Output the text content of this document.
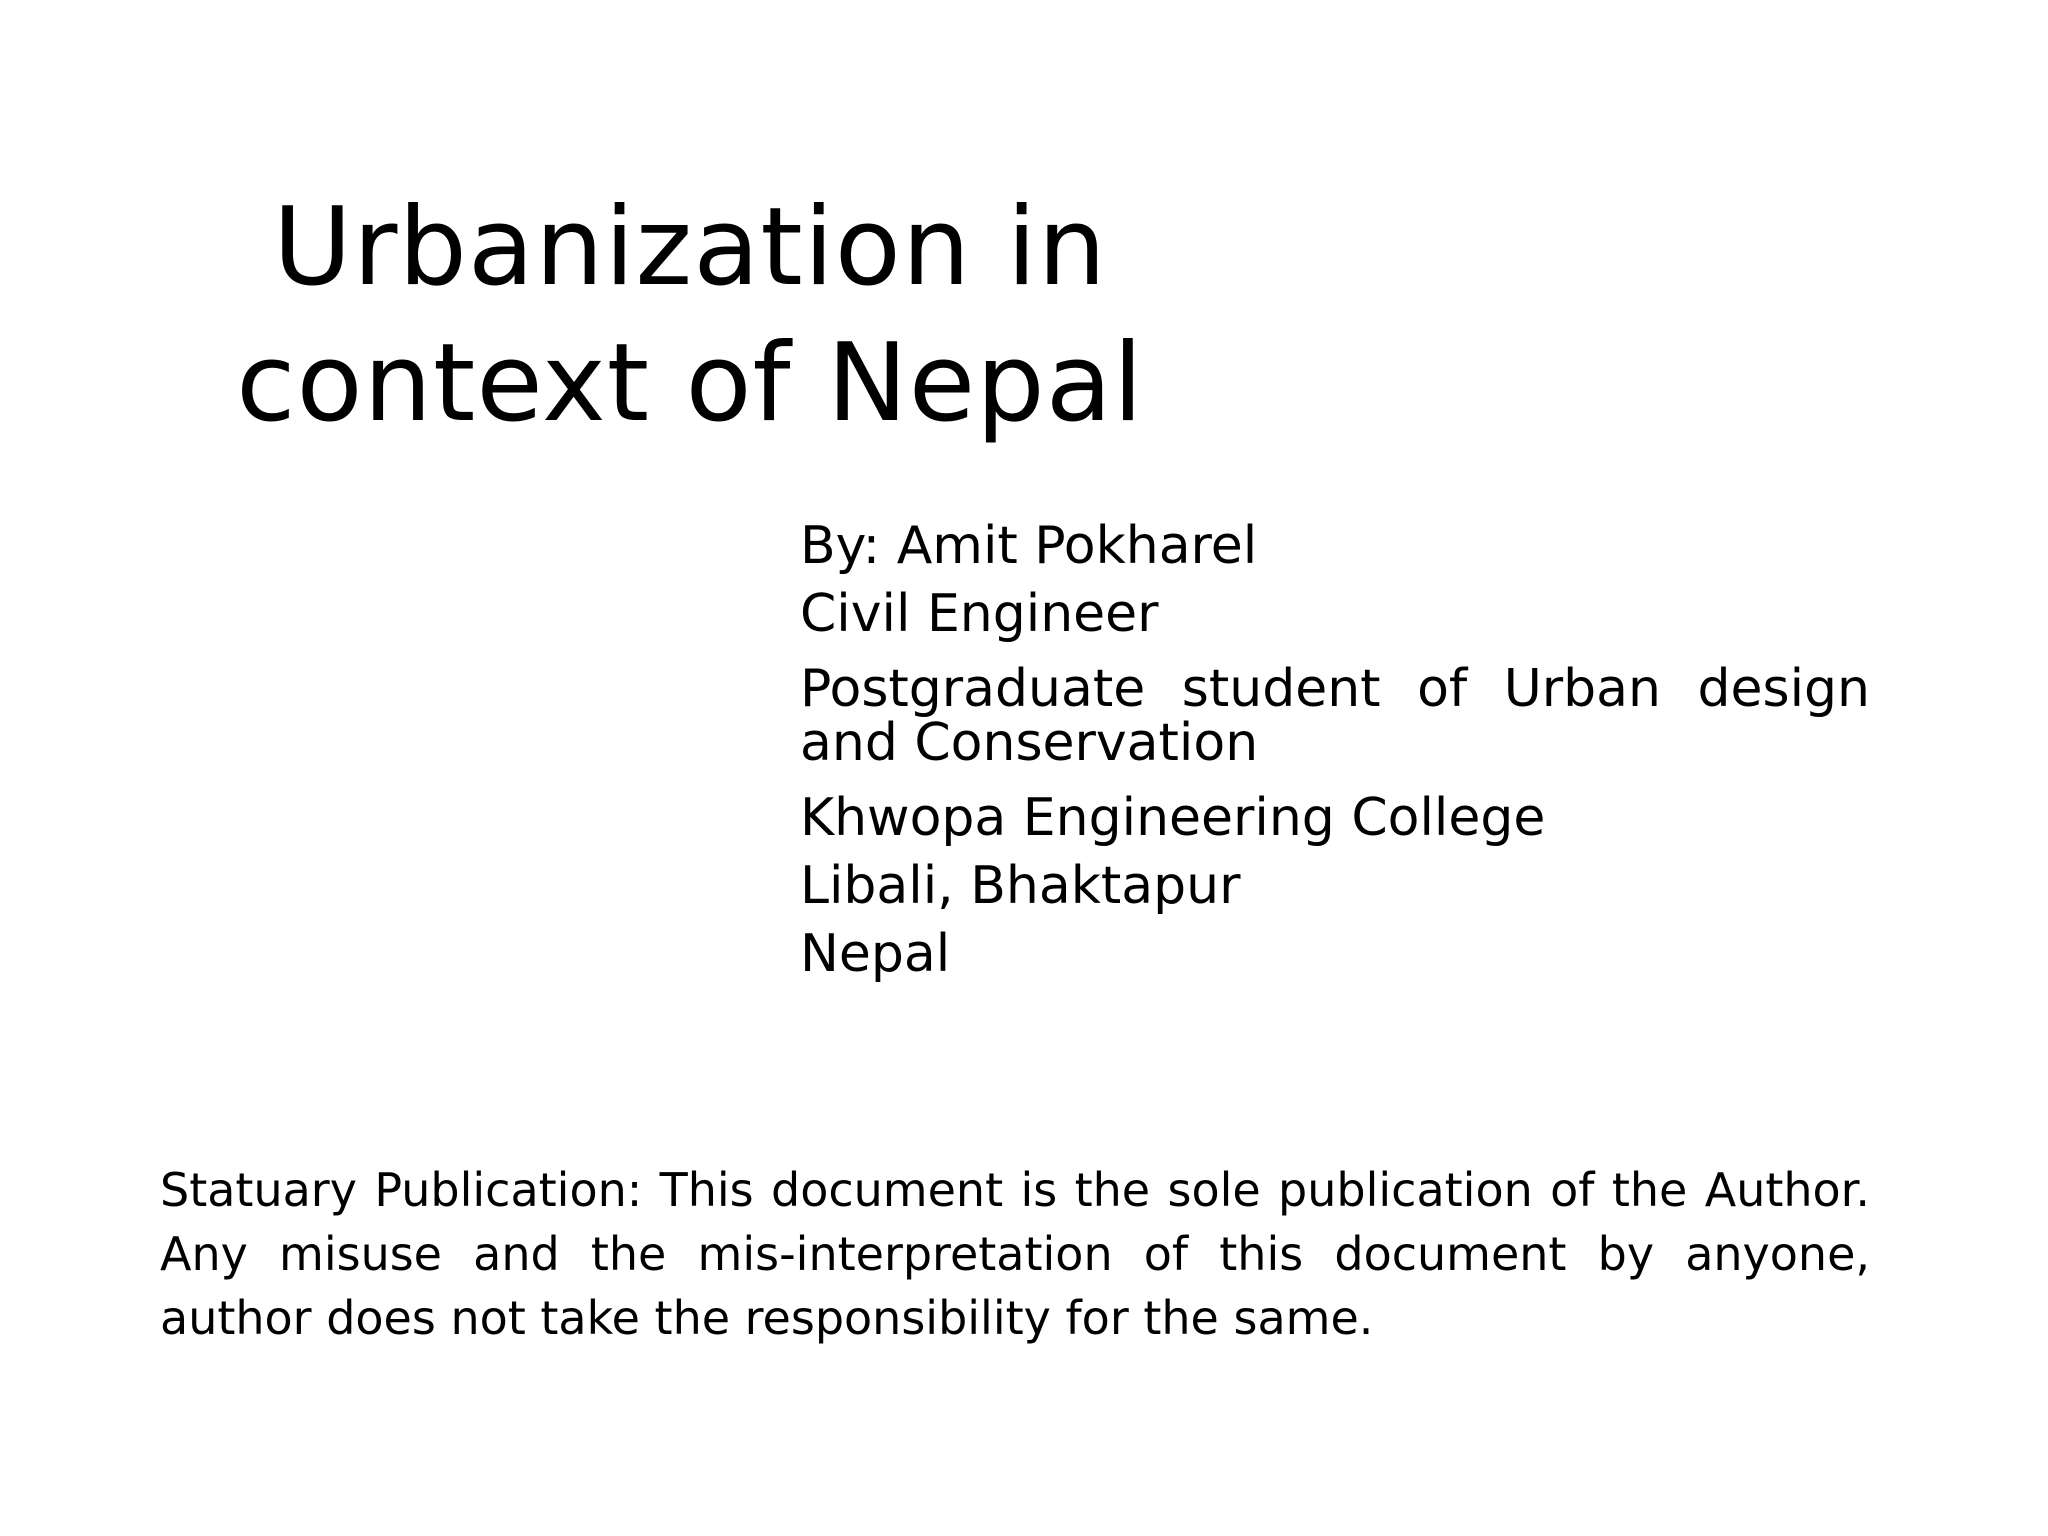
Urbanization in
context of Nepal
By: Amit Pokharel
Civil Engineer
Postgraduate student of Urban design
and Conservation
Khwopa Engineering College
Libali, Bhaktapur
Nepal

Statuary Publication: This document is the sole publication of the Author. Any misuse and the mis-interpretation of this document by anyone, author does not take the responsibility for the same.
